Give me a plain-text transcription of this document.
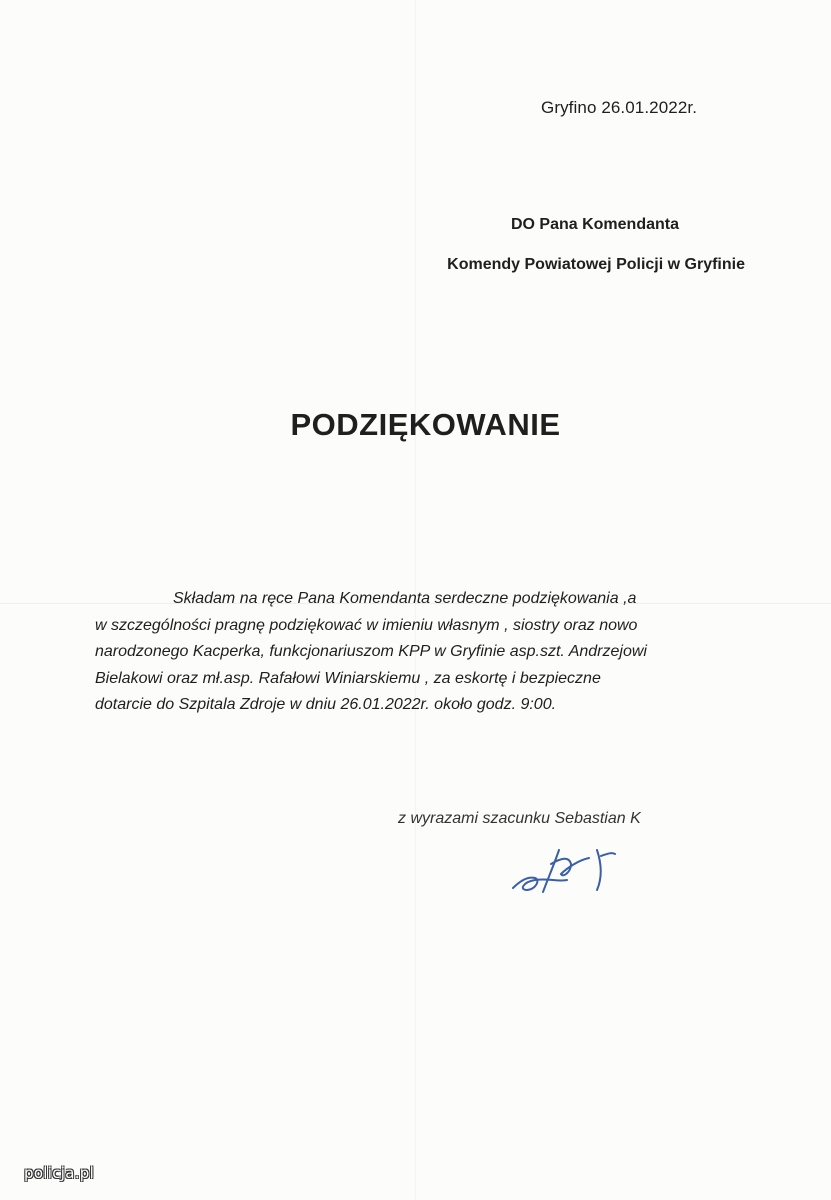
Gryfino 26.01.2022r.
DO Pana Komendanta
Komendy Powiatowej Policji w Gryfinie
PODZIĘKOWANIE
Składam na ręce Pana Komendanta serdeczne podziękowania ,a
w szczególności pragnę podziękować w imieniu własnym , siostry oraz nowo
narodzonego Kacperka, funkcjonariuszom KPP w Gryfinie asp.szt. Andrzejowi
Bielakowi oraz mł.asp. Rafałowi Winiarskiemu , za eskortę i bezpieczne
dotarcie do Szpitala Zdroje w dniu 26.01.2022r. około godz. 9:00.
z wyrazami szacunku Sebastian K
policja.pl
